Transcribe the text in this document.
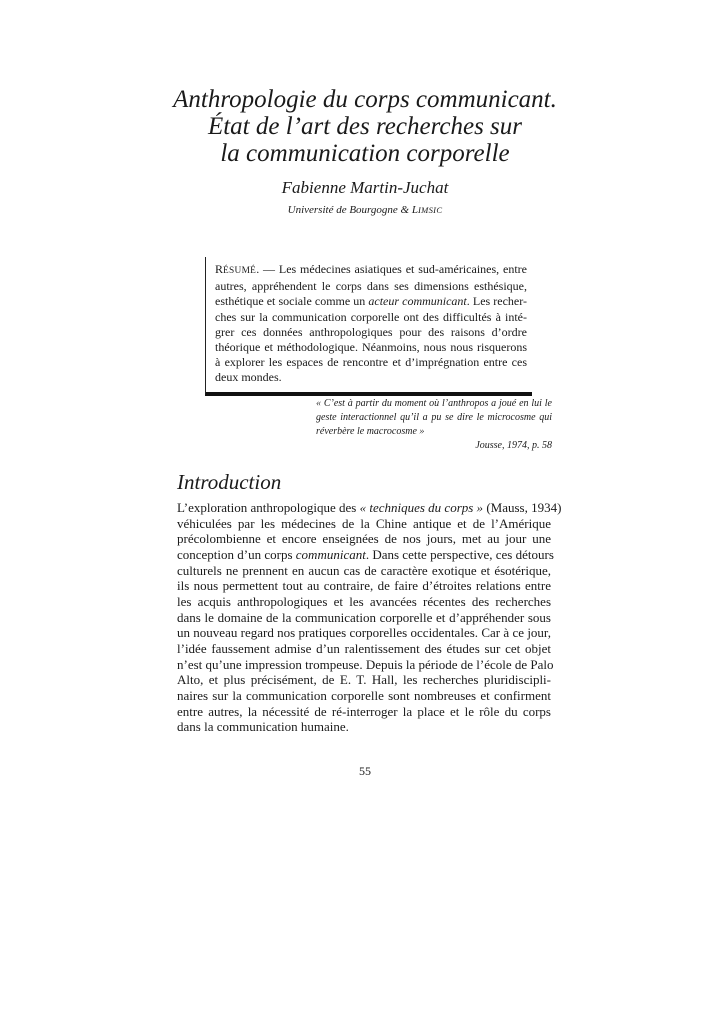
Anthropologie du corps communicant.
État de l’art des recherches sur
la communication corporelle
Fabienne Martin-Juchat
Université de Bourgogne & LIMSIC
RÉSUMÉ. — Les médecines asiatiques et sud-américaines, entre
autres, appréhendent le corps dans ses dimensions esthésique,
esthétique et sociale comme un acteur communicant. Les recher-
ches sur la communication corporelle ont des difficultés à inté-
grer ces données anthropologiques pour des raisons d’ordre
théorique et méthodologique. Néanmoins, nous nous risquerons
à explorer les espaces de rencontre et d’imprégnation entre ces
deux mondes.
« C’est à partir du moment où l’anthropos a joué en lui le
geste interactionnel qu’il a pu se dire le microcosme qui
réverbère le macrocosme »
Jousse, 1974, p. 58
Introduction
L’exploration anthropologique des « techniques du corps » (Mauss, 1934)
véhiculées par les médecines de la Chine antique et de l’Amérique
précolombienne et encore enseignées de nos jours, met au jour une
conception d’un corps communicant. Dans cette perspective, ces détours
culturels ne prennent en aucun cas de caractère exotique et ésotérique,
ils nous permettent tout au contraire, de faire d’étroites relations entre
les acquis anthropologiques et les avancées récentes des recherches
dans le domaine de la communication corporelle et d’appréhender sous
un nouveau regard nos pratiques corporelles occidentales. Car à ce jour,
l’idée faussement admise d’un ralentissement des études sur cet objet
n’est qu’une impression trompeuse. Depuis la période de l’école de Palo
Alto, et plus précisément, de E. T. Hall, les recherches pluridiscipli-
naires sur la communication corporelle sont nombreuses et confirment
entre autres, la nécessité de ré-interroger la place et le rôle du corps
dans la communication humaine.
55
